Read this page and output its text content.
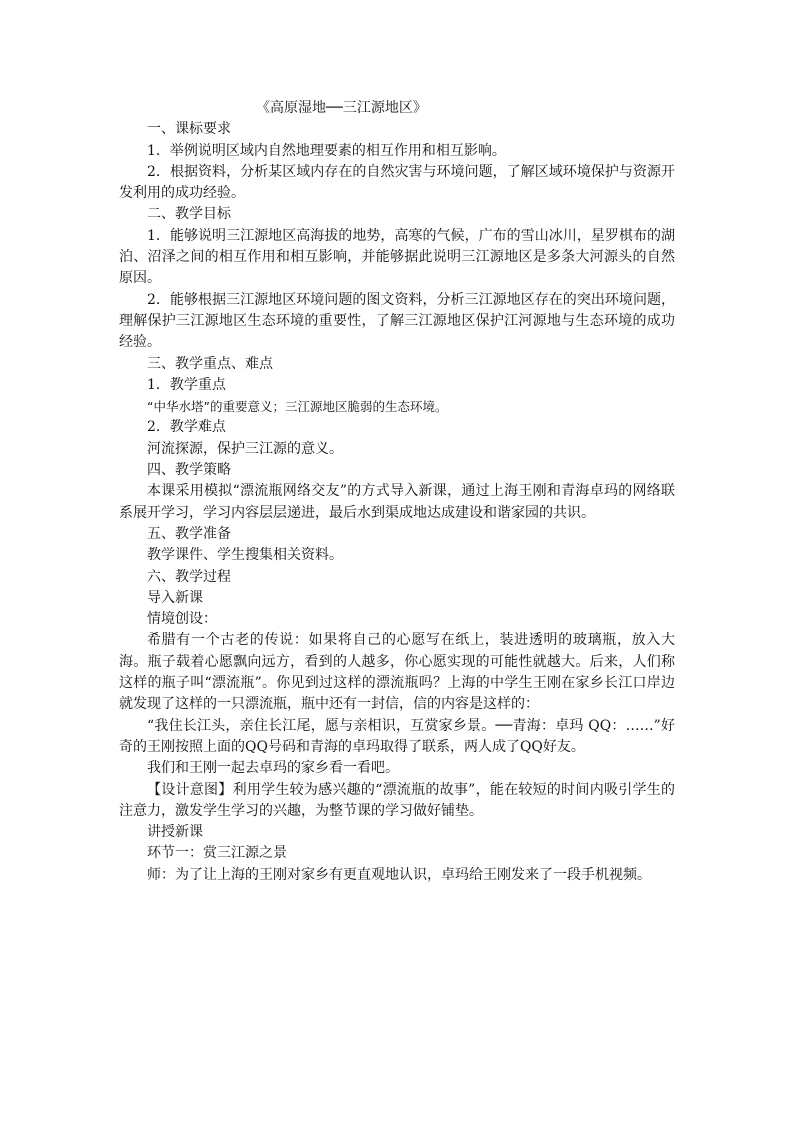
《高原湿地──三江源地区》

一、课标要求

1．举例说明区域内自然地理要素的相互作用和相互影响。

2．根据资料，分析某区域内存在的自然灾害与环境问题，了解区域环境保护与资源开发利用的成功经验。

二、教学目标

1．能够说明三江源地区高海拔的地势，高寒的气候，广布的雪山冰川，星罗棋布的湖泊、沼泽之间的相互作用和相互影响，并能够据此说明三江源地区是多条大河源头的自然原因。

2．能够根据三江源地区环境问题的图文资料，分析三江源地区存在的突出环境问题，理解保护三江源地区生态环境的重要性，了解三江源地区保护江河源地与生态环境的成功经验。

三、教学重点、难点

1．教学重点

“中华水塔”的重要意义；三江源地区脆弱的生态环境。

2．教学难点

河流探源，保护三江源的意义。

四、教学策略

本课采用模拟“漂流瓶网络交友”的方式导入新课，通过上海王刚和青海卓玛的网络联系展开学习，学习内容层层递进，最后水到渠成地达成建设和谐家园的共识。

五、教学准备

教学课件、学生搜集相关资料。

六、教学过程

导入新课

情境创设：

希腊有一个古老的传说：如果将自己的心愿写在纸上，装进透明的玻璃瓶，放入大海。瓶子载着心愿飘向远方，看到的人越多，你心愿实现的可能性就越大。后来，人们称这样的瓶子叫“漂流瓶”。你见到过这样的漂流瓶吗？上海的中学生王刚在家乡长江口岸边就发现了这样的一只漂流瓶，瓶中还有一封信，信的内容是这样的：

“我住长江头，亲住长江尾，愿与亲相识，互赏家乡景。──青海：卓玛 QQ：……”好奇的王刚按照上面的QQ号码和青海的卓玛取得了联系，两人成了QQ好友。

我们和王刚一起去卓玛的家乡看一看吧。

【设计意图】利用学生较为感兴趣的“漂流瓶的故事”，能在较短的时间内吸引学生的注意力，激发学生学习的兴趣，为整节课的学习做好铺垫。

讲授新课

环节一：赏三江源之景

师：为了让上海的王刚对家乡有更直观地认识，卓玛给王刚发来了一段手机视频。
